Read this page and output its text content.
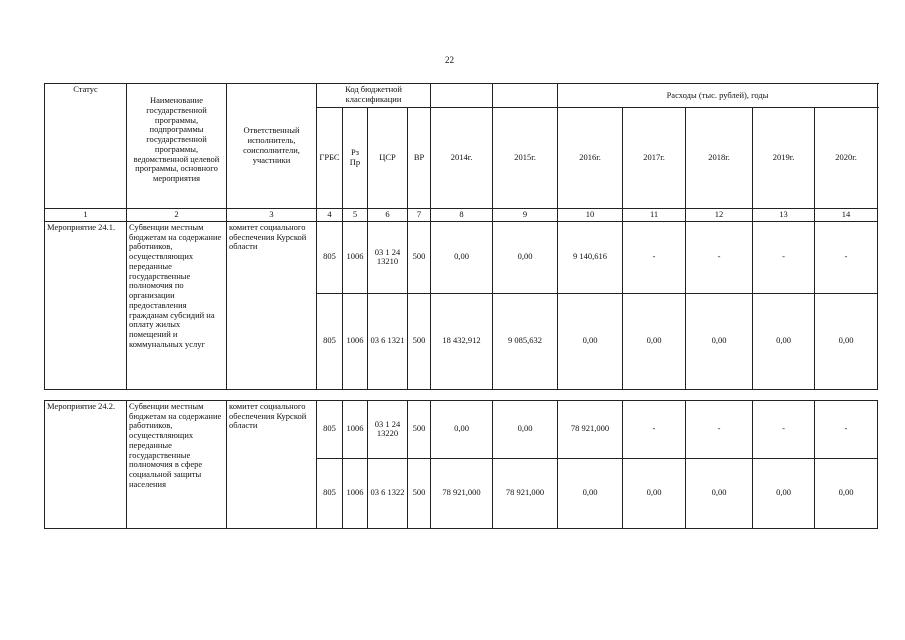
22
Статус	Наименование государственной программы, подпрограммы государственной программы, ведомственной целевой программы, основного мероприятия	Ответственный исполнитель, соисполнители, участники	Код бюджетной классификации						Расходы (тыс. рублей), годы				
			ГРБС	Рз Пр	ЦСР	ВР	2014г.	2015г.	2016г.	2017г.	2018г.	2019г.	2020г.
1	2	3	4	5	6	7	8	9	10	11	12	13	14
Мероприятие 24.1.	Субвенции местным бюджетам на содержание работников, осуществляющих переданные государственные полномочия по организации предоставления гражданам субсидий на оплату жилых помещений и коммунальных услуг	комитет социального обеспечения Курской области	805	1006	03 1 24 13210	500	0,00	0,00	9 140,616	-	-	-	-
			805	1006	03 6 1321	500	18 432,912	9 085,632	0,00	0,00	0,00	0,00	0,00

Мероприятие 24.2.	Субвенции местным бюджетам на содержание работников, осуществляющих переданные государственные полномочия в сфере социальной защиты населения	комитет социального обеспечения Курской области	805	1006	03 1 24 13220	500	0,00	0,00	78 921,000	-	-	-	-
			805	1006	03 6 1322	500	78 921,000	78 921,000	0,00	0,00	0,00	0,00	0,00
